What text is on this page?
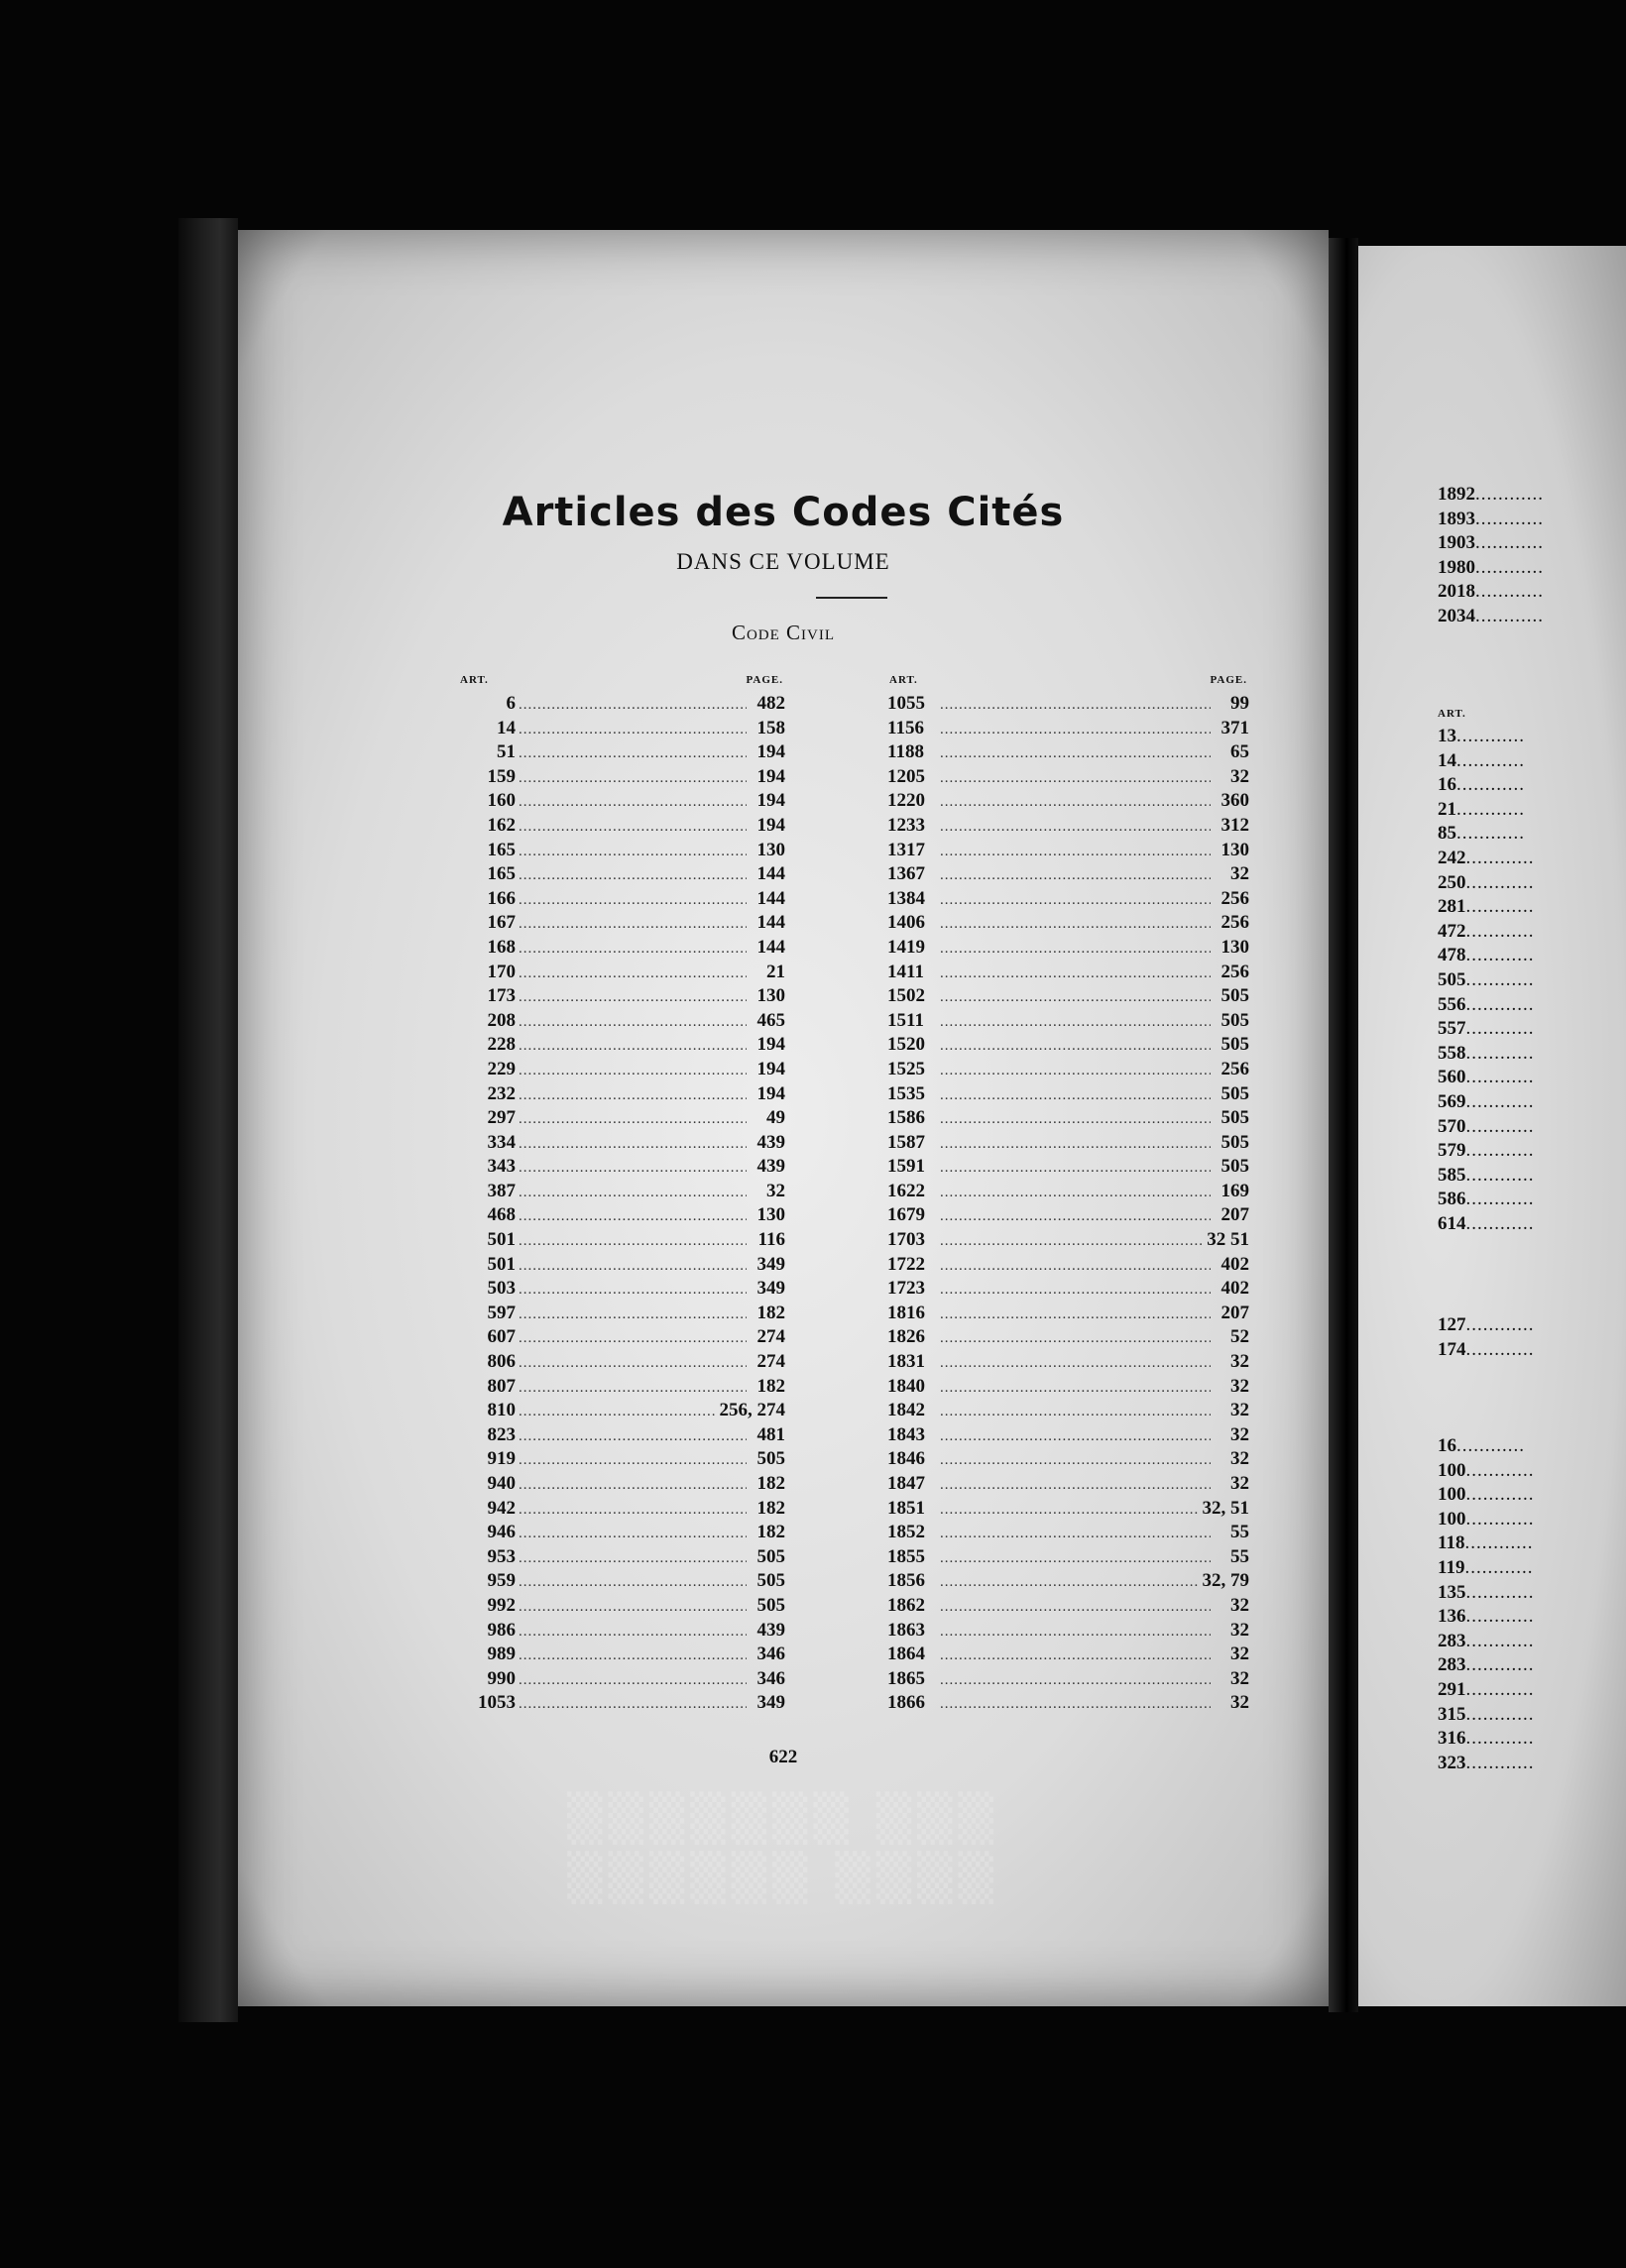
Articles des Codes Cités
DANS CE VOLUME
Code Civil
ART.	PAGE.
6 .....	482
14 .....	158
51 .....	194
159 .....	194
160 .....	194
162 .....	194
165 .....	130
165 .....	144
166 .....	144
167 .....	144
168 .....	144
170 .....	21
173 .....	130
208 .....	465
228 .....	194
229 .....	194
232 .....	194
297 .....	49
334 .....	439
343 .....	439
387 .....	32
468 .....	130
501 .....	116
501 .....	349
503 .....	349
597 .....	182
607 .....	274
806 .....	274
807 .....	182
810 .....	256, 274
823 .....	481
919 .....	505
940 .....	182
942 .....	182
946 .....	182
953 .....	505
959 .....	505
992 .....	505
986 .....	439
989 .....	346
990 .....	346
1053 .....	349
ART.	PAGE.
1055 .....	99
1156 .....	371
1188 .....	65
1205 .....	32
1220 .....	360
1233 .....	312
1317 .....	130
1367 .....	32
1384 .....	256
1406 .....	256
1419 .....	130
1411 .....	256
1502 .....	505
1511 .....	505
1520 .....	505
1525 .....	256
1535 .....	505
1586 .....	505
1587 .....	505
1591 .....	505
1622 .....	169
1679 .....	207
1703 .....	32 51
1722 .....	402
1723 .....	402
1816 .....	207
1826 .....	52
1831 .....	32
1840 .....	32
1842 .....	32
1843 .....	32
1846 .....	32
1847 .....	32
1851 .....	32, 51
1852 .....	55
1855 .....	55
1856 .....	32, 79
1862 .....	32
1863 .....	32
1864 .....	32
1865 .....	32
1866 .....	32
622
▒▒▒▒▒▒▒ ▒▒▒
▒▒▒▒▒▒ ▒▒▒▒
1892............
1893............
1903............
1980............
2018............
2034............
ART.
13............
14............
16............
21............
85............
242............
250............
281............
472............
478............
505............
556............
557............
558............
560............
569............
570............
579............
585............
586............
614............
127............
174............
16............
100............
100............
100............
118............
119............
135............
136............
283............
283............
291............
315............
316............
323............
